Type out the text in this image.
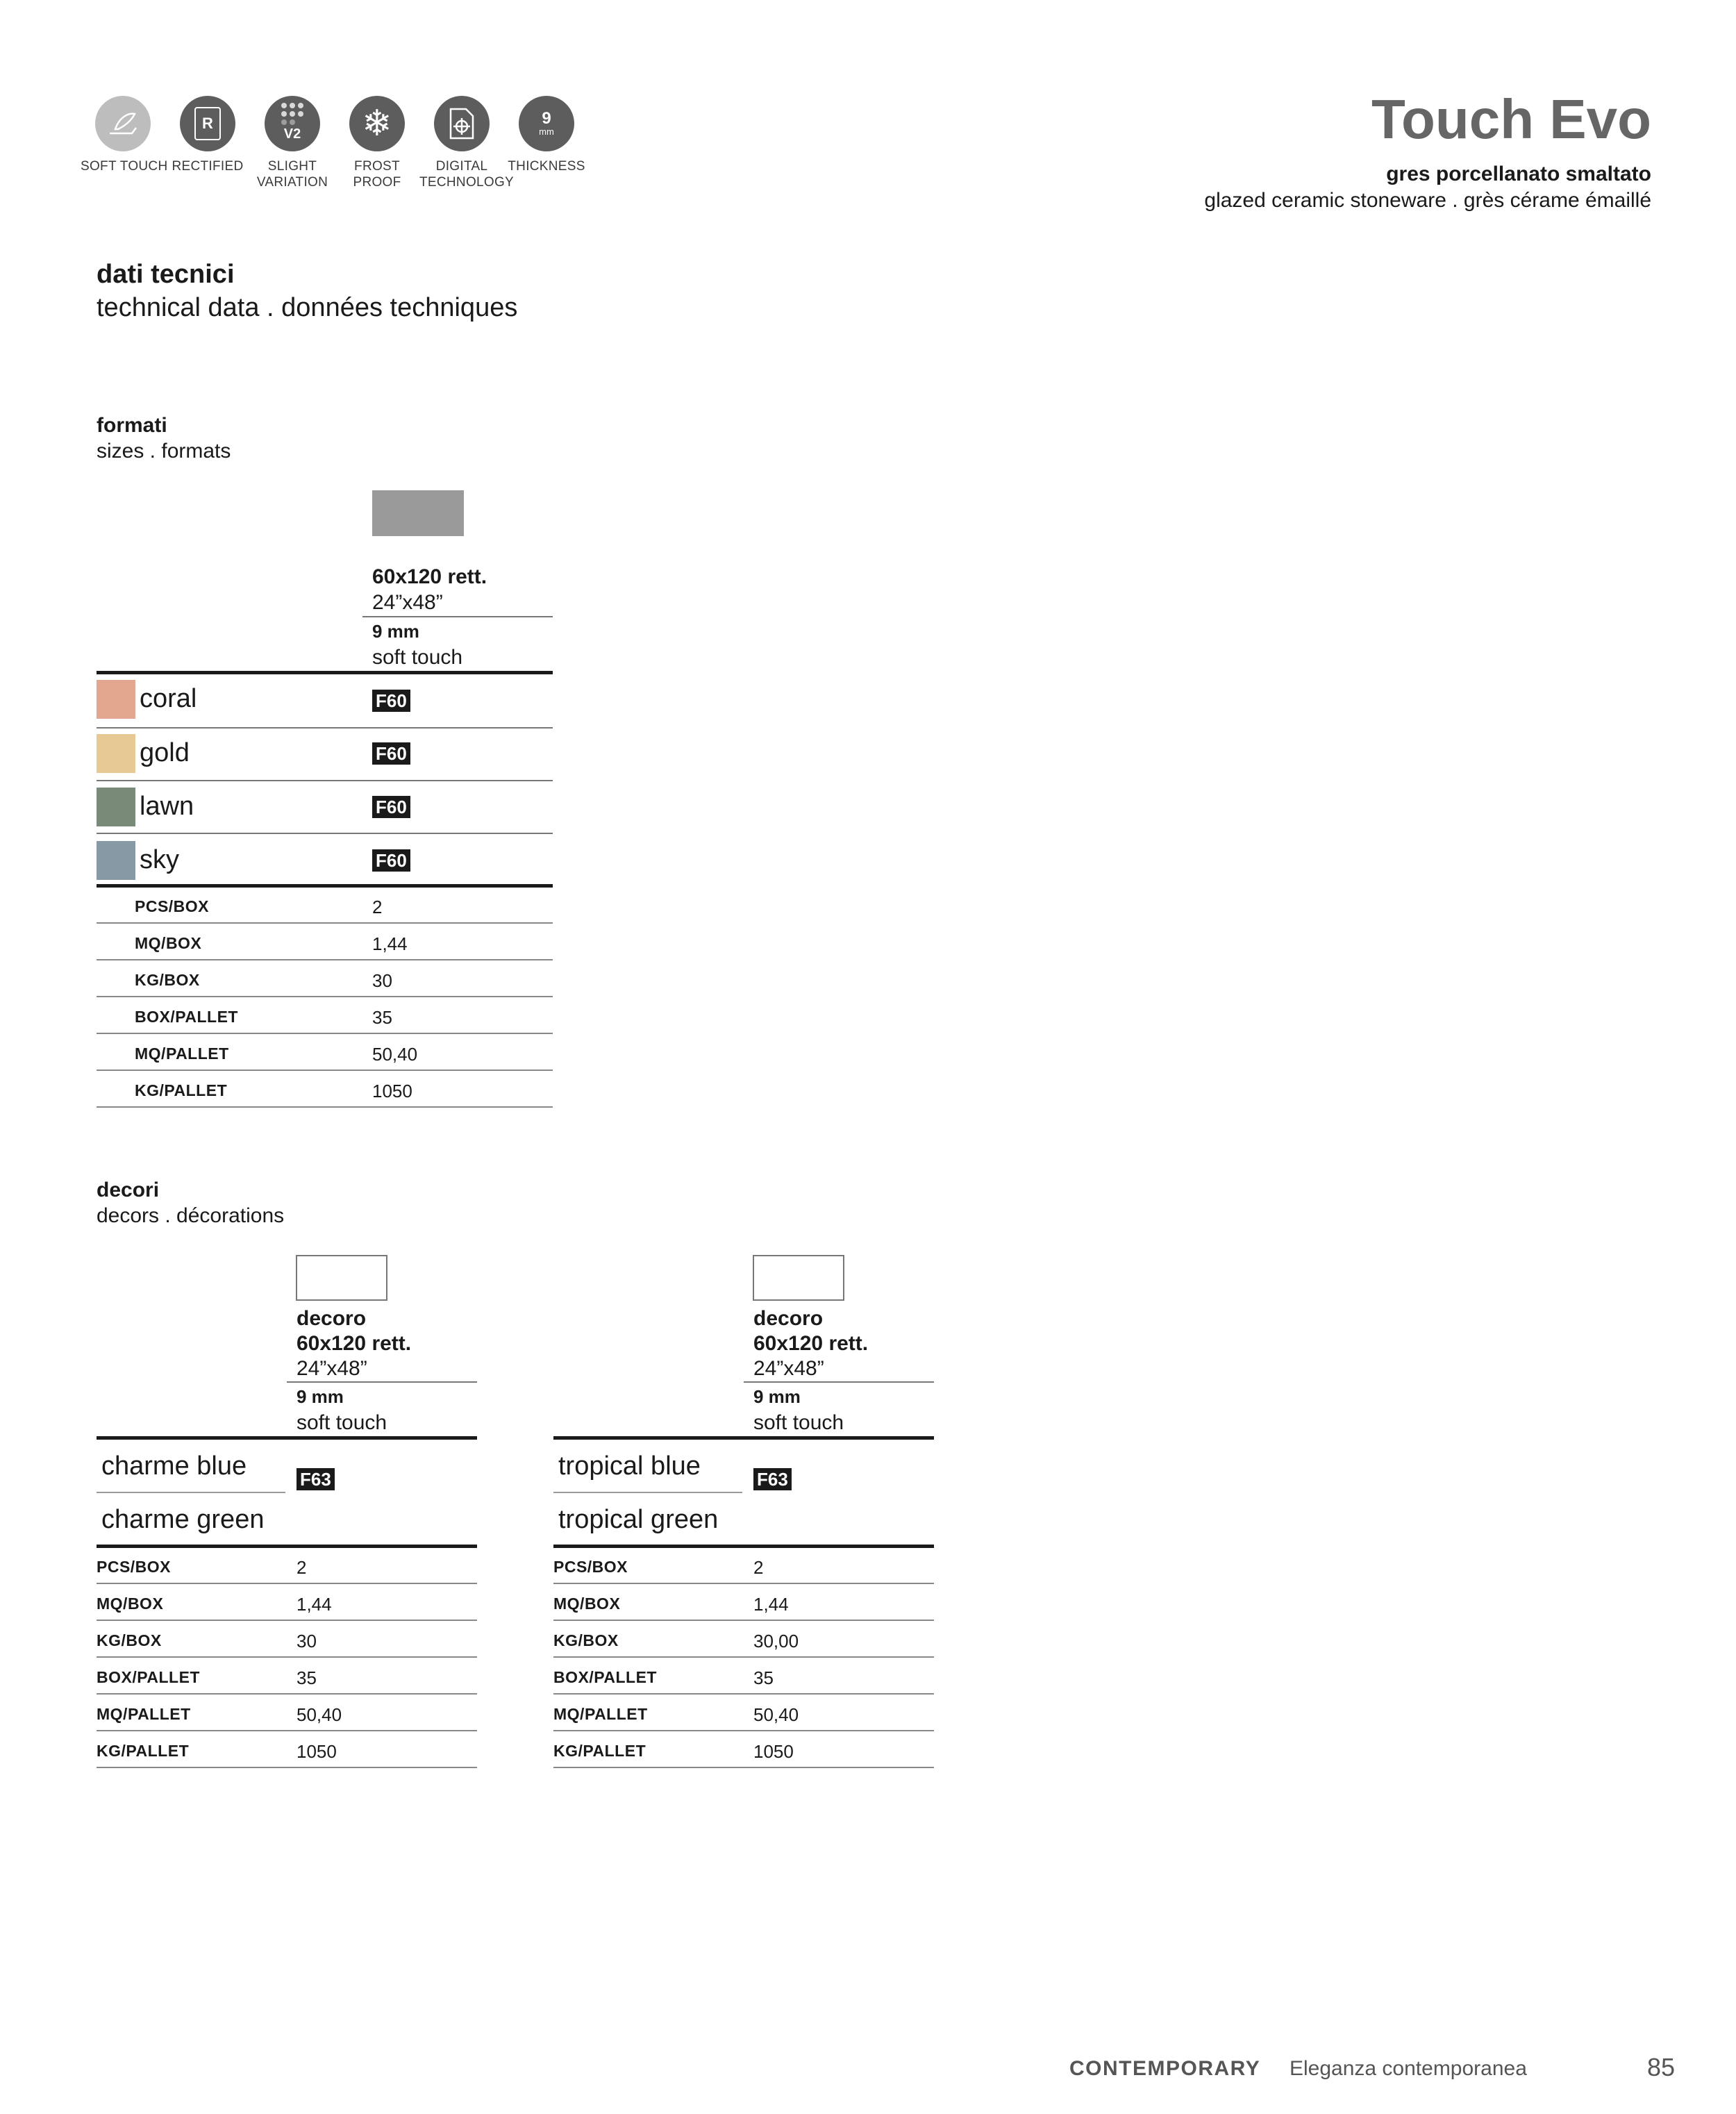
SOFT TOUCH
R
RECTIFIED
V2
SLIGHT
VARIATION
❄
FROST
PROOF
DIGITAL
TECHNOLOGY
9
mm
THICKNESS
Touch Evo
gres porcellanato smaltato
glazed ceramic stoneware . grès cérame émaillé
dati tecnici
technical data . données techniques
formati
sizes . formats
60x120 rett.
24”x48”
9 mm
soft touch
coral	F60
gold	F60
lawn	F60
sky	F60
PCS/BOX	2
MQ/BOX	1,44
KG/BOX	30
BOX/PALLET	35
MQ/PALLET	50,40
KG/PALLET	1050
decori
decors . décorations
decoro
60x120 rett.
24”x48”
9 mm
soft touch
charme blue	F63
charme green
PCS/BOX	2
MQ/BOX	1,44
KG/BOX	30
BOX/PALLET	35
MQ/PALLET	50,40
KG/PALLET	1050
decoro
60x120 rett.
24”x48”
9 mm
soft touch
tropical blue	F63
tropical green
PCS/BOX	2
MQ/BOX	1,44
KG/BOX	30,00
BOX/PALLET	35
MQ/PALLET	50,40
KG/PALLET	1050
CONTEMPORARY Eleganza contemporanea	85
